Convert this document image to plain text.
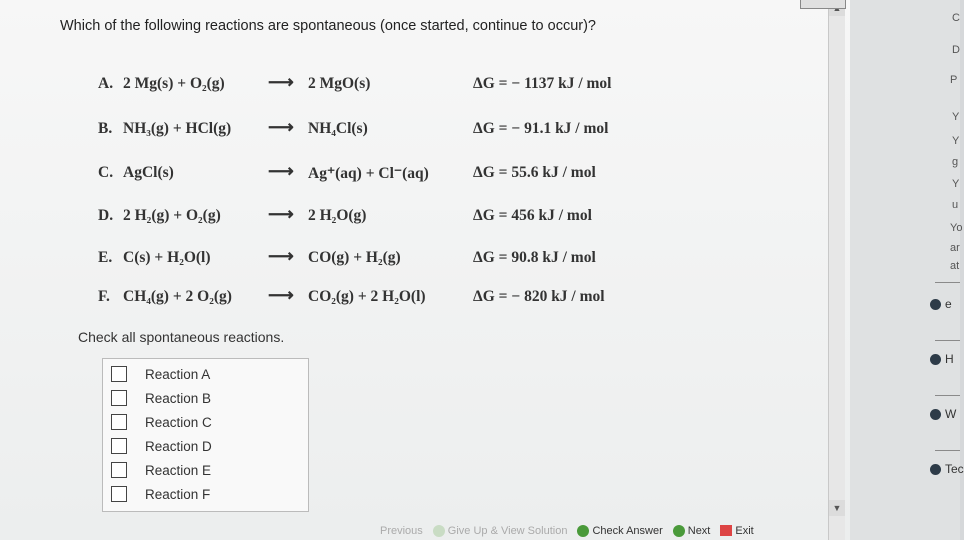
Which of the following reactions are spontaneous (once started, continue to occur)?
A. 2 Mg(s) + O₂(g) ⟶ 2 MgO(s)	ΔG = − 1137 kJ / mol
B. NH₃(g) + HCl(g) ⟶ NH₄Cl(s)	ΔG = − 91.1 kJ / mol
C. AgCl(s)	⟶ Ag⁺(aq) + Cl⁻(aq)	ΔG = 55.6 kJ / mol
D. 2 H₂(g) + O₂(g)	⟶ 2 H₂O(g)	ΔG = 456 kJ / mol
E. C(s) + H₂O(l)	⟶ CO(g) + H₂(g)	ΔG = 90.8 kJ / mol
F. CH₄(g) + 2 O₂(g) ⟶ CO₂(g) + 2 H₂O(l)	ΔG = − 820 kJ / mol
Check all spontaneous reactions.
Reaction A
Reaction B
Reaction C
Reaction D
Reaction E
Reaction F
Previous Give Up & View Solution Check Answer Next Exit
▼
C
D
P
Y
Y
g
Y
u
Yo
ar
at
e
H
W
Tec
